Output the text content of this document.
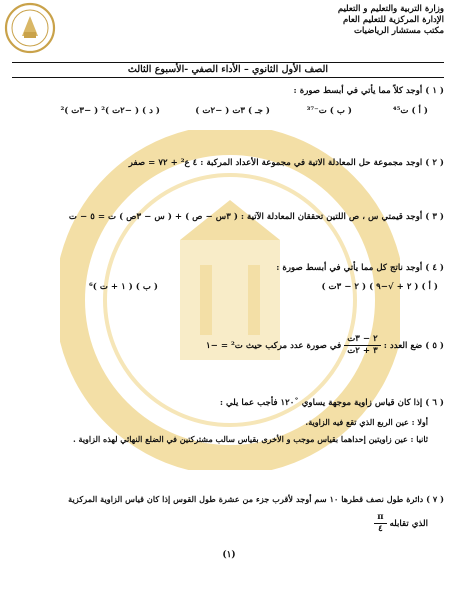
وزارة التربية والتعليم و التعليم
الإدارة المركزية للتعليم العام
مكتب مستشار الرياضيات
الصف الأول الثانوي – الأداء الصفي -الأسبوع الثالث
( ١ ) أوجد كلاً مما يأتي في أبسط صورة :
( أ ) ت⁴⁵
( ب ) ت⁻³⁷
( جـ ) ٣ت ( −٢ت )
( د ) ( −٢ت )² ( −٣ت )²
( ٢ ) اوجد مجموعة حل المعادلة الاتية في مجموعة الأعداد المركبة : ٤ ع² + ٧٢ = صفر
( ٣ ) أوجد قيمتي س ، ص اللتين تحققان المعادلة الآتية : ( ٣س − ص ) + ( س − ٣ص ) ت = ٥ − ت
( ٤ ) أوجد ناتج كل مما يأتي في أبسط صورة :
( أ ) ( ٢ + √−٩ ) ( ٢ − ٣ت )
( ب ) ( ١ + ت )⁶
( ٥ ) ضع العدد :
$\frac{\text{٢ − ٣ت}}{\text{٣ + ٢ت}}$
في صورة عدد مركب حيث ت² = −١
( ٦ ) إذا كان قياس زاوية موجهة يساوي ˚١٢٠ فأجب عما يلي :
أولا : عين الربع الذي تقع فيه الزاوية.
ثانيا : عين زاويتين إحداهما بقياس موجب و الأخرى بقياس سالب مشتركتين في الضلع النهائي لهذه الزاوية .
( ٧ ) دائرة طول نصف قطرها ١٠ سم أوجد لأقرب جزء من عشرة طول القوس إذا كان قياس الزاوية المركزية
الذي تقابله
$\frac{\pi}{٤}$
(١)
